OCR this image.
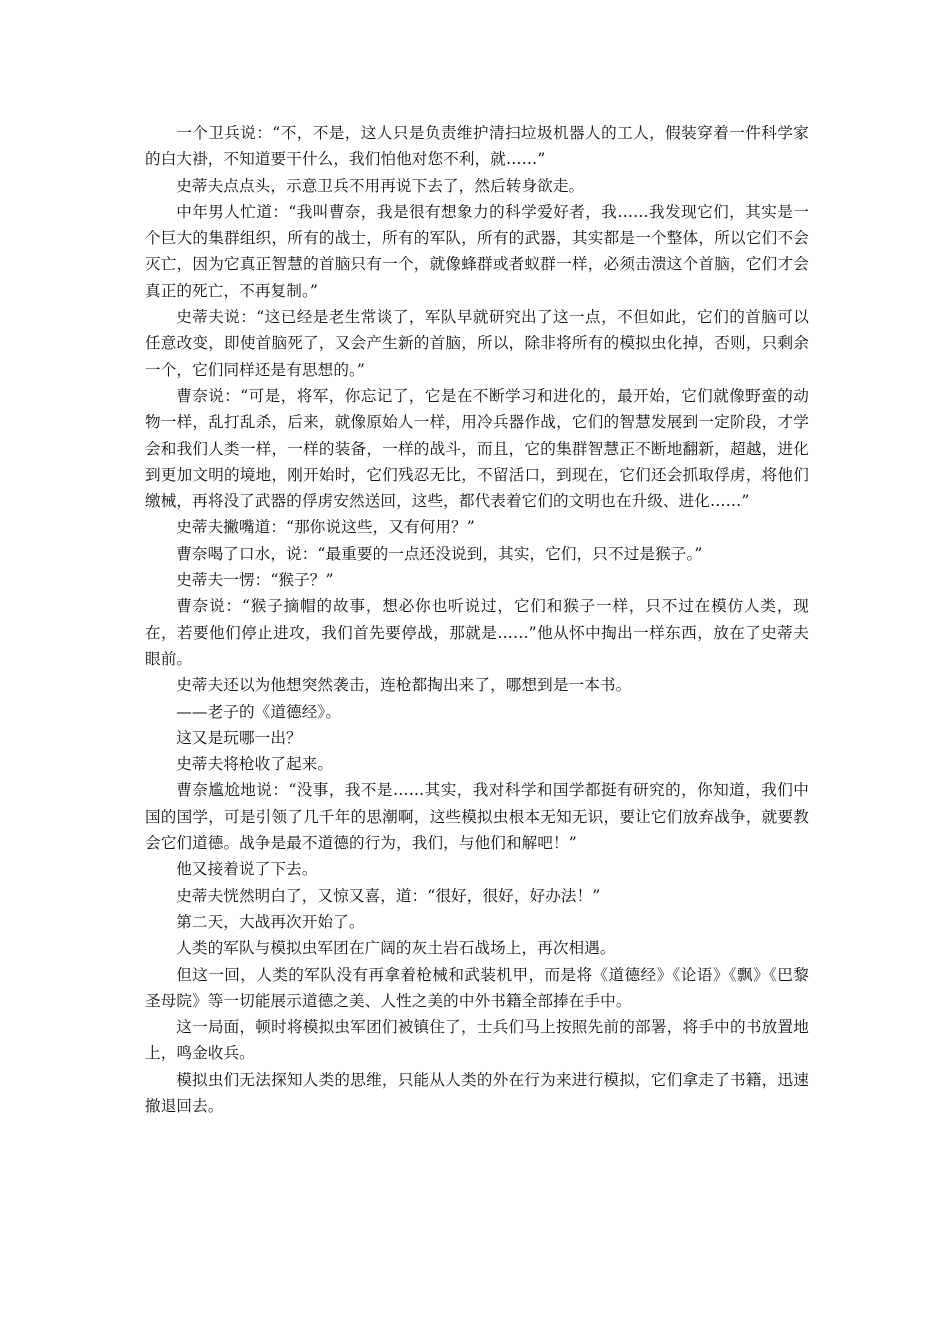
一个卫兵说：“不，不是，这人只是负责维护清扫垃圾机器人的工人，假装穿着一件科学家的白大褂，不知道要干什么，我们怕他对您不利，就……”

史蒂夫点点头，示意卫兵不用再说下去了，然后转身欲走。

中年男人忙道：“我叫曹奈，我是很有想象力的科学爱好者，我……我发现它们，其实是一个巨大的集群组织，所有的战士，所有的军队，所有的武器，其实都是一个整体，所以它们不会灭亡，因为它真正智慧的首脑只有一个，就像蜂群或者蚁群一样，必须击溃这个首脑，它们才会真正的死亡，不再复制。”

史蒂夫说：“这已经是老生常谈了，军队早就研究出了这一点，不但如此，它们的首脑可以任意改变，即使首脑死了，又会产生新的首脑，所以，除非将所有的模拟虫化掉，否则，只剩余一个，它们同样还是有思想的。”

曹奈说：“可是，将军，你忘记了，它是在不断学习和进化的，最开始，它们就像野蛮的动物一样，乱打乱杀，后来，就像原始人一样，用冷兵器作战，它们的智慧发展到一定阶段，才学会和我们人类一样，一样的装备，一样的战斗，而且，它的集群智慧正不断地翻新，超越，进化到更加文明的境地，刚开始时，它们残忍无比，不留活口，到现在，它们还会抓取俘虏，将他们缴械，再将没了武器的俘虏安然送回，这些，都代表着它们的文明也在升级、进化……”

史蒂夫撇嘴道：“那你说这些，又有何用？”

曹奈喝了口水，说：“最重要的一点还没说到，其实，它们，只不过是猴子。”

史蒂夫一愣：“猴子？”

曹奈说：“猴子摘帽的故事，想必你也听说过，它们和猴子一样，只不过在模仿人类，现在，若要他们停止进攻，我们首先要停战，那就是……”他从怀中掏出一样东西，放在了史蒂夫眼前。

史蒂夫还以为他想突然袭击，连枪都掏出来了，哪想到是一本书。

——老子的《道德经》。

这又是玩哪一出？

史蒂夫将枪收了起来。

曹奈尴尬地说：“没事，我不是……其实，我对科学和国学都挺有研究的，你知道，我们中国的国学，可是引领了几千年的思潮啊，这些模拟虫根本无知无识，要让它们放弃战争，就要教会它们道德。战争是最不道德的行为，我们，与他们和解吧！”

他又接着说了下去。

史蒂夫恍然明白了，又惊又喜，道：“很好，很好，好办法！”

第二天，大战再次开始了。

人类的军队与模拟虫军团在广阔的灰土岩石战场上，再次相遇。

但这一回，人类的军队没有再拿着枪械和武装机甲，而是将《道德经》《论语》《飘》《巴黎圣母院》等一切能展示道德之美、人性之美的中外书籍全部捧在手中。

这一局面，顿时将模拟虫军团们被镇住了，士兵们马上按照先前的部署，将手中的书放置地上，鸣金收兵。

模拟虫们无法探知人类的思维，只能从人类的外在行为来进行模拟，它们拿走了书籍，迅速撤退回去。
